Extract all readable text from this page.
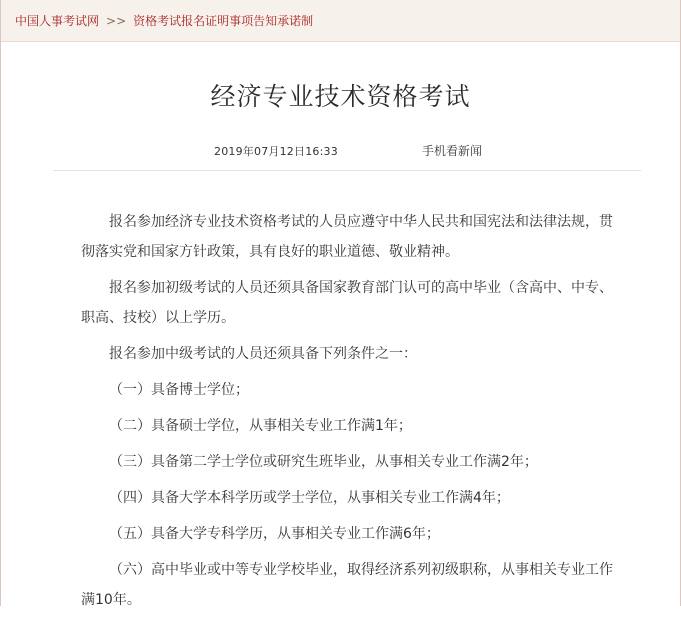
中国人事考试网 >> 资格考试报名证明事项告知承诺制
经济专业技术资格考试
2019年07月12日16:33	手机看新闻

报名参加经济专业技术资格考试的人员应遵守中华人民共和国宪法和法律法规，贯彻落实党和国家方针政策，具有良好的职业道德、敬业精神。

报名参加初级考试的人员还须具备国家教育部门认可的高中毕业（含高中、中专、职高、技校）以上学历。

报名参加中级考试的人员还须具备下列条件之一：

（一）具备博士学位；

（二）具备硕士学位，从事相关专业工作满1年；

（三）具备第二学士学位或研究生班毕业，从事相关专业工作满2年；

（四）具备大学本科学历或学士学位，从事相关专业工作满4年；

（五）具备大学专科学历，从事相关专业工作满6年；

（六）高中毕业或中等专业学校毕业，取得经济系列初级职称，从事相关专业工作满10年。
